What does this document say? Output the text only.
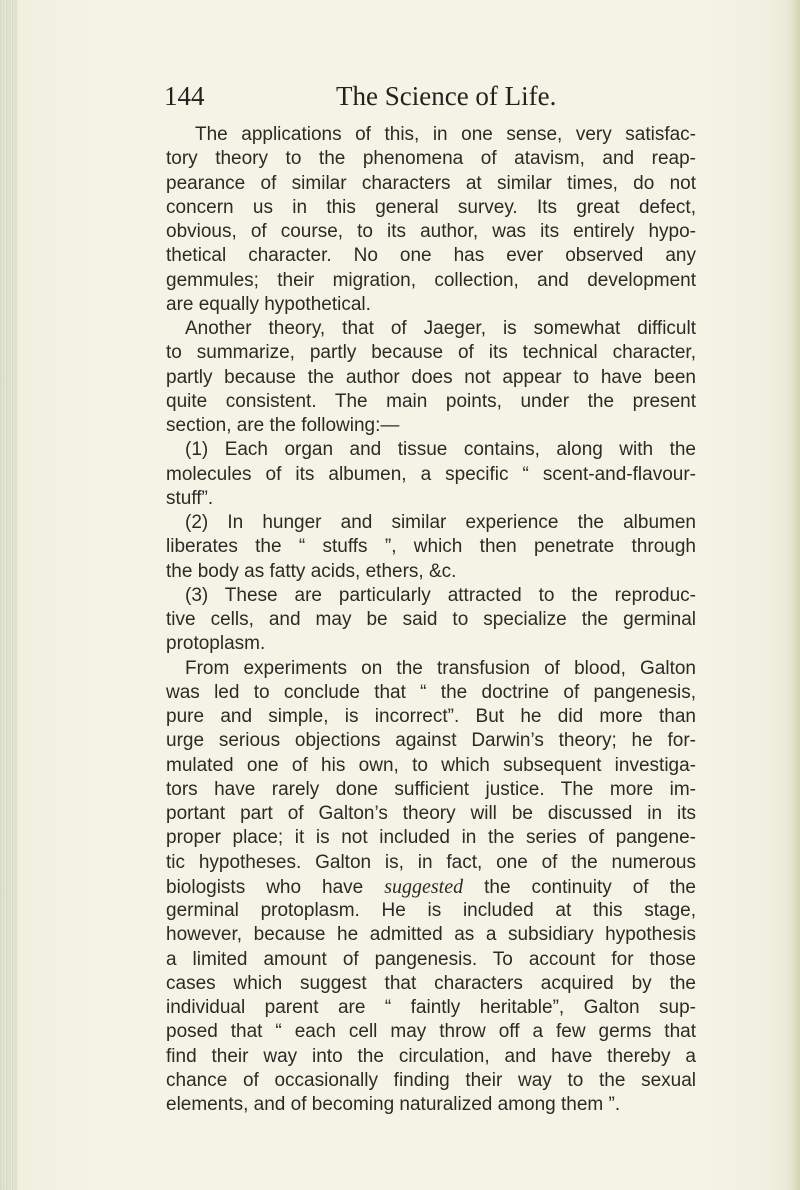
144	The Science of Life.
The applications of this, in one sense, very satisfac-
tory theory to the phenomena of atavism, and reap-
pearance of similar characters at similar times, do not
concern us in this general survey. Its great defect,
obvious, of course, to its author, was its entirely hypo-
thetical character. No one has ever observed any
gemmules; their migration, collection, and development
are equally hypothetical.
Another theory, that of Jaeger, is somewhat difficult
to summarize, partly because of its technical character,
partly because the author does not appear to have been
quite consistent. The main points, under the present
section, are the following:—
(1) Each organ and tissue contains, along with the
molecules of its albumen, a specific “ scent-and-flavour-
stuff”.
(2) In hunger and similar experience the albumen
liberates the “ stuffs ”, which then penetrate through
the body as fatty acids, ethers, &c.
(3) These are particularly attracted to the reproduc-
tive cells, and may be said to specialize the germinal
protoplasm.
From experiments on the transfusion of blood, Galton
was led to conclude that “ the doctrine of pangenesis,
pure and simple, is incorrect”. But he did more than
urge serious objections against Darwin’s theory; he for-
mulated one of his own, to which subsequent investiga-
tors have rarely done sufficient justice. The more im-
portant part of Galton’s theory will be discussed in its
proper place; it is not included in the series of pangene-
tic hypotheses. Galton is, in fact, one of the numerous
biologists who have suggested the continuity of the
germinal protoplasm. He is included at this stage,
however, because he admitted as a subsidiary hypothesis
a limited amount of pangenesis. To account for those
cases which suggest that characters acquired by the
individual parent are “ faintly heritable”, Galton sup-
posed that “ each cell may throw off a few germs that
find their way into the circulation, and have thereby a
chance of occasionally finding their way to the sexual
elements, and of becoming naturalized among them ”.
